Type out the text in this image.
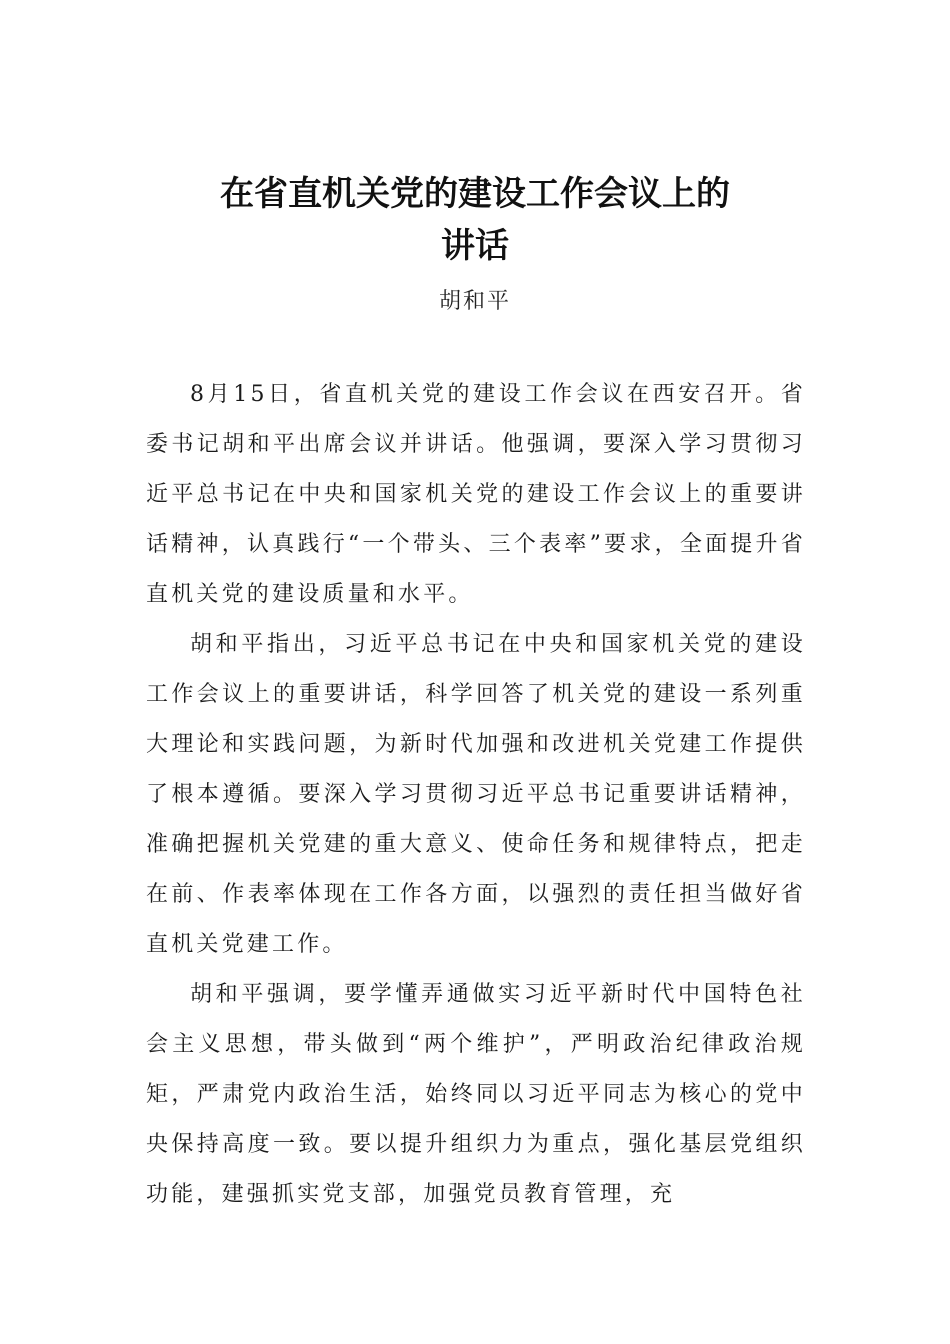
在省直机关党的建设工作会议上的
讲话
胡和平

8月15日，省直机关党的建设工作会议在西安召开。省委书记胡和平出席会议并讲话。他强调，要深入学习贯彻习近平总书记在中央和国家机关党的建设工作会议上的重要讲话精神，认真践行“一个带头、三个表率”要求，全面提升省直机关党的建设质量和水平。

胡和平指出，习近平总书记在中央和国家机关党的建设工作会议上的重要讲话，科学回答了机关党的建设一系列重大理论和实践问题，为新时代加强和改进机关党建工作提供了根本遵循。要深入学习贯彻习近平总书记重要讲话精神，准确把握机关党建的重大意义、使命任务和规律特点，把走在前、作表率体现在工作各方面，以强烈的责任担当做好省直机关党建工作。

胡和平强调，要学懂弄通做实习近平新时代中国特色社会主义思想，带头做到“两个维护”，严明政治纪律政治规矩，严肃党内政治生活，始终同以习近平同志为核心的党中央保持高度一致。要以提升组织力为重点，强化基层党组织功能，建强抓实党支部，加强党员教育管理，充
